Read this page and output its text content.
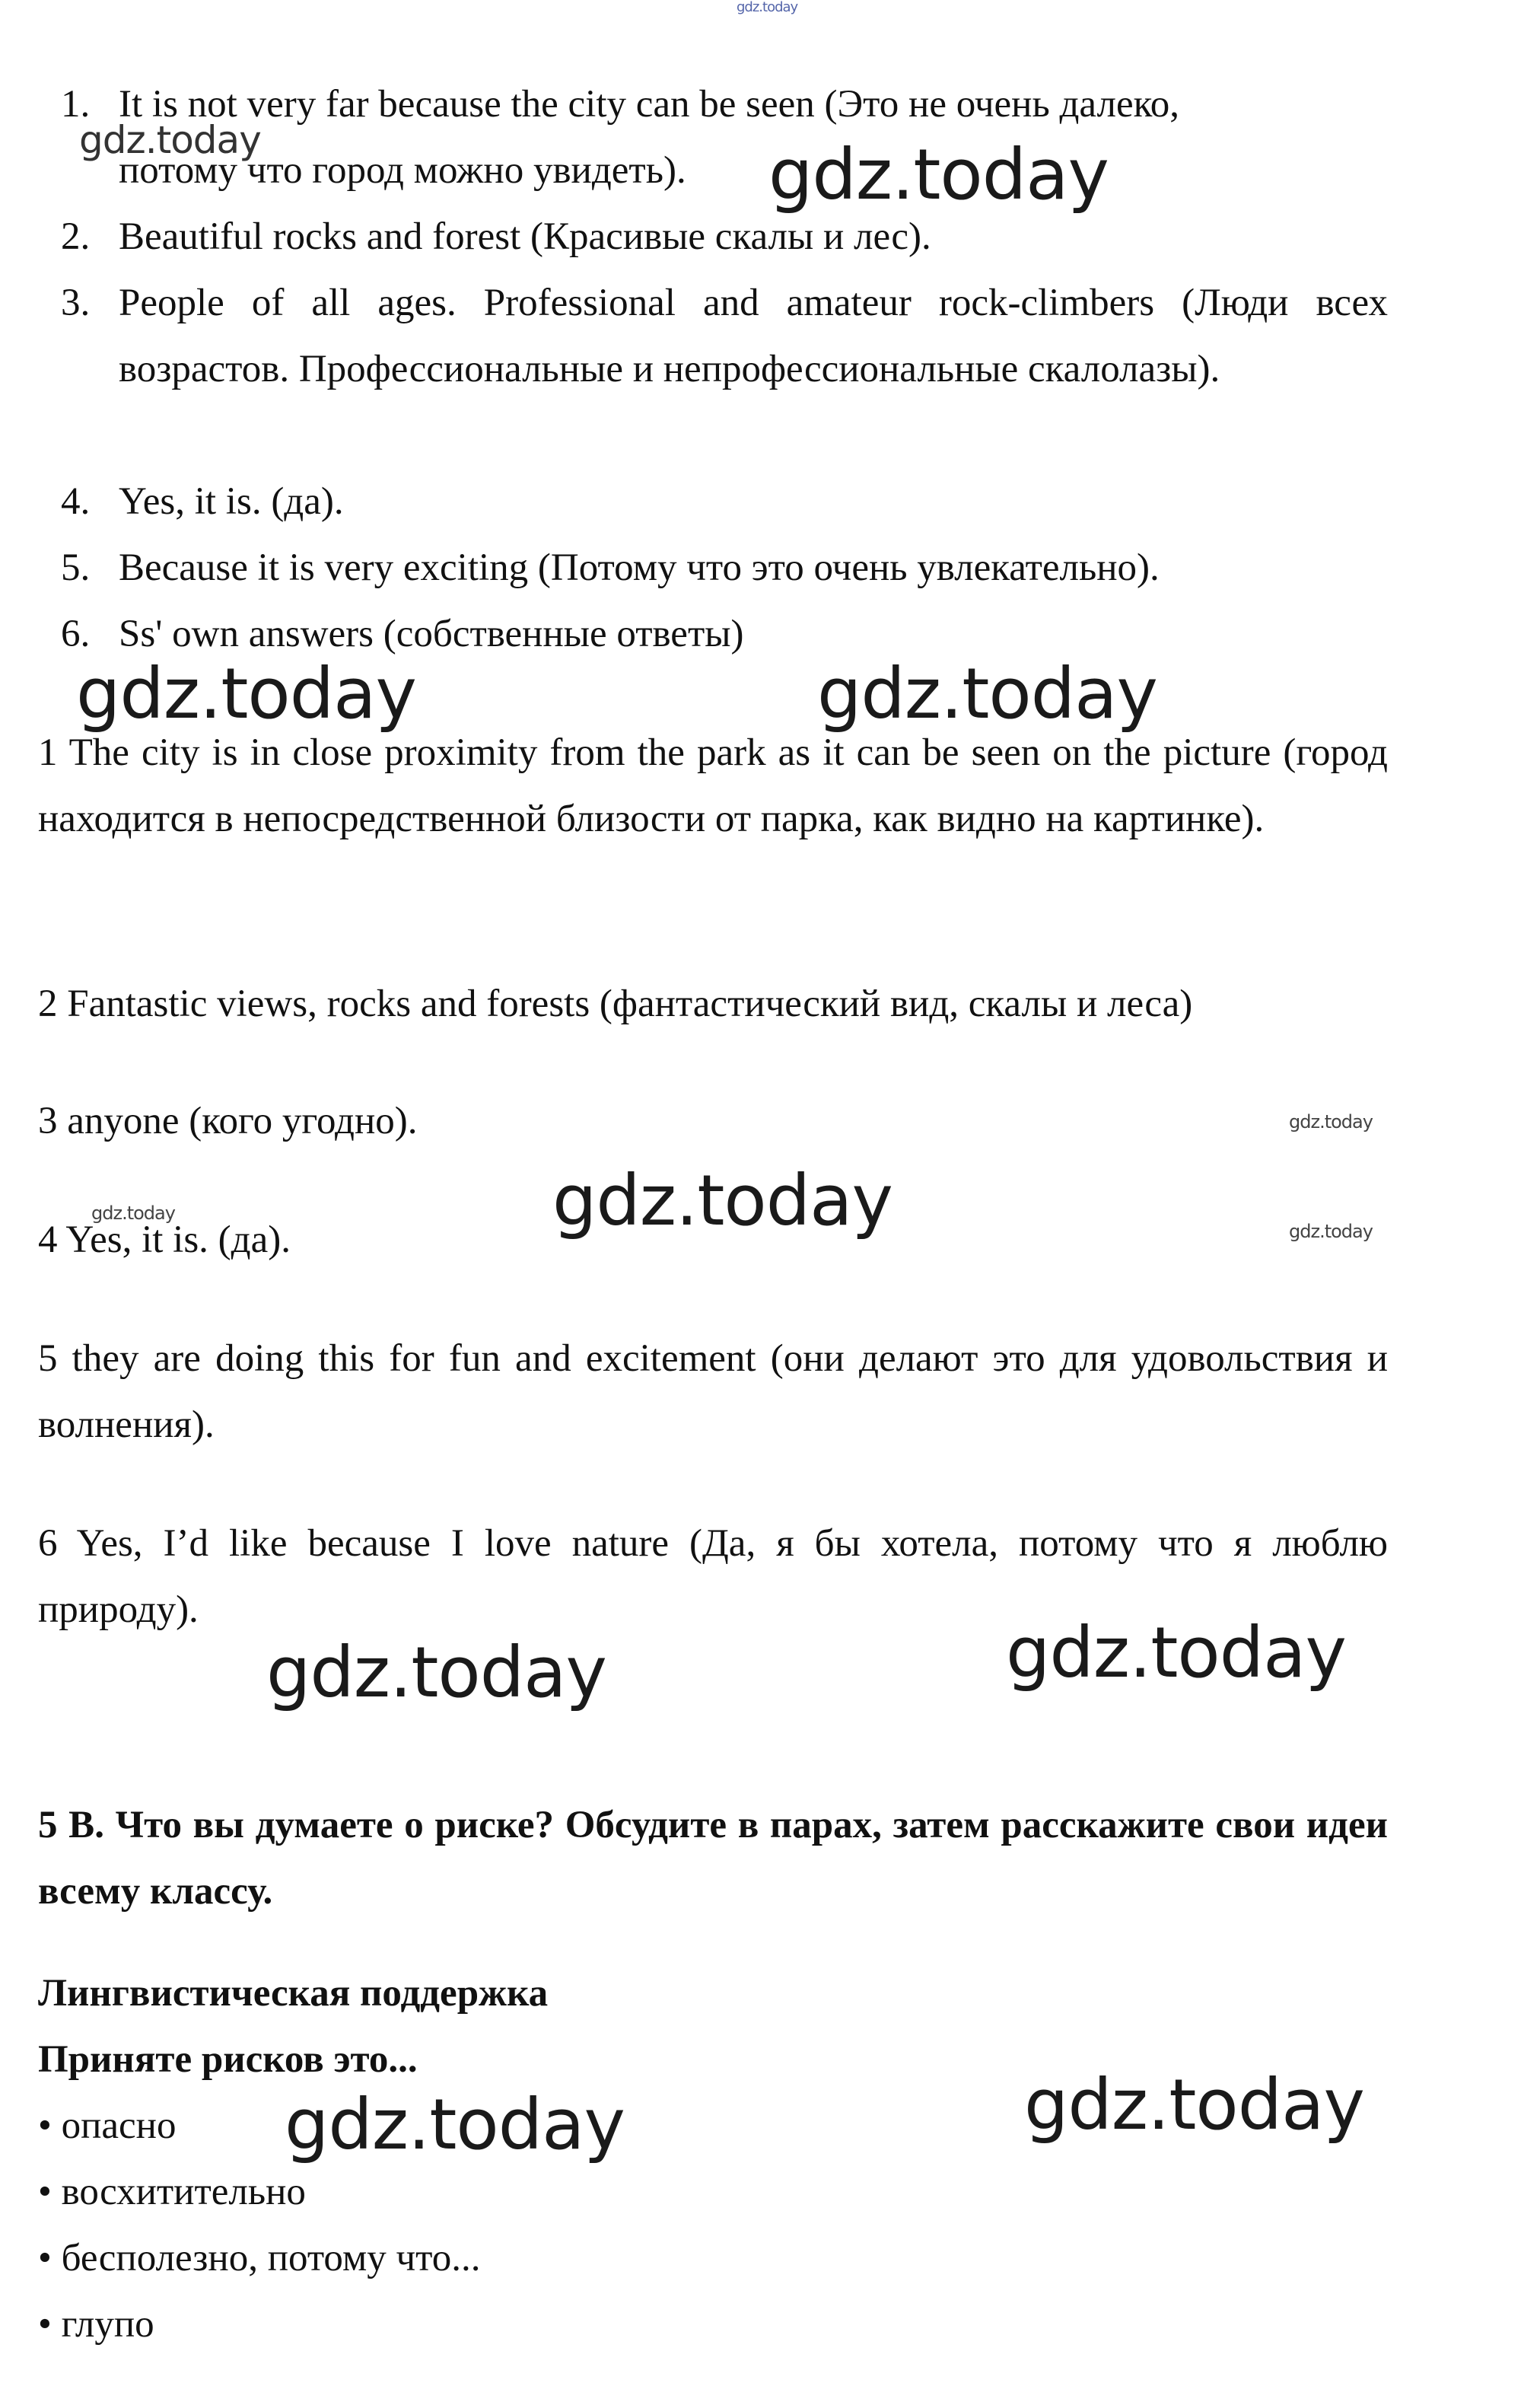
gdz.today
1. It is not very far because the city can be seen (Это не очень далеко,
потому что город можно увидеть).
2. Beautiful rocks and forest (Красивые скалы и лес).
3. People of all ages. Professional and amateur rock-climbers (Люди всех возрастов. Профессиональные и непрофессиональные скалолазы).
4. Yes, it is. (да).
5. Because it is very exciting (Потому что это очень увлекательно).
6. Ss' own answers (собственные ответы)
1 The city is in close proximity from the park as it can be seen on the picture (город находится в непосредственной близости от парка, как видно на картинке).
2 Fantastic views, rocks and forests (фантастический вид, скалы и леса)
3 anyone (кого угодно).
4 Yes, it is. (да).
5 they are doing this for fun and excitement (они делают это для удовольствия и волнения).
6 Yes, I’d like because I love nature (Да, я бы хотела, потому что я люблю природу).
5 B. Что вы думаете о риске? Обсудите в парах, затем расскажите свои идеи всему классу.
Лингвистическая поддержка
Приняте рисков это...
• опасно
• восхитительно
• бесполезно, потому что...
• глупо
gdz.today	gdz.today
gdz.today	gdz.today
gdz.today
gdz.today	gdz.today	gdz.today
gdz.today	gdz.today
gdz.today
gdz.today
